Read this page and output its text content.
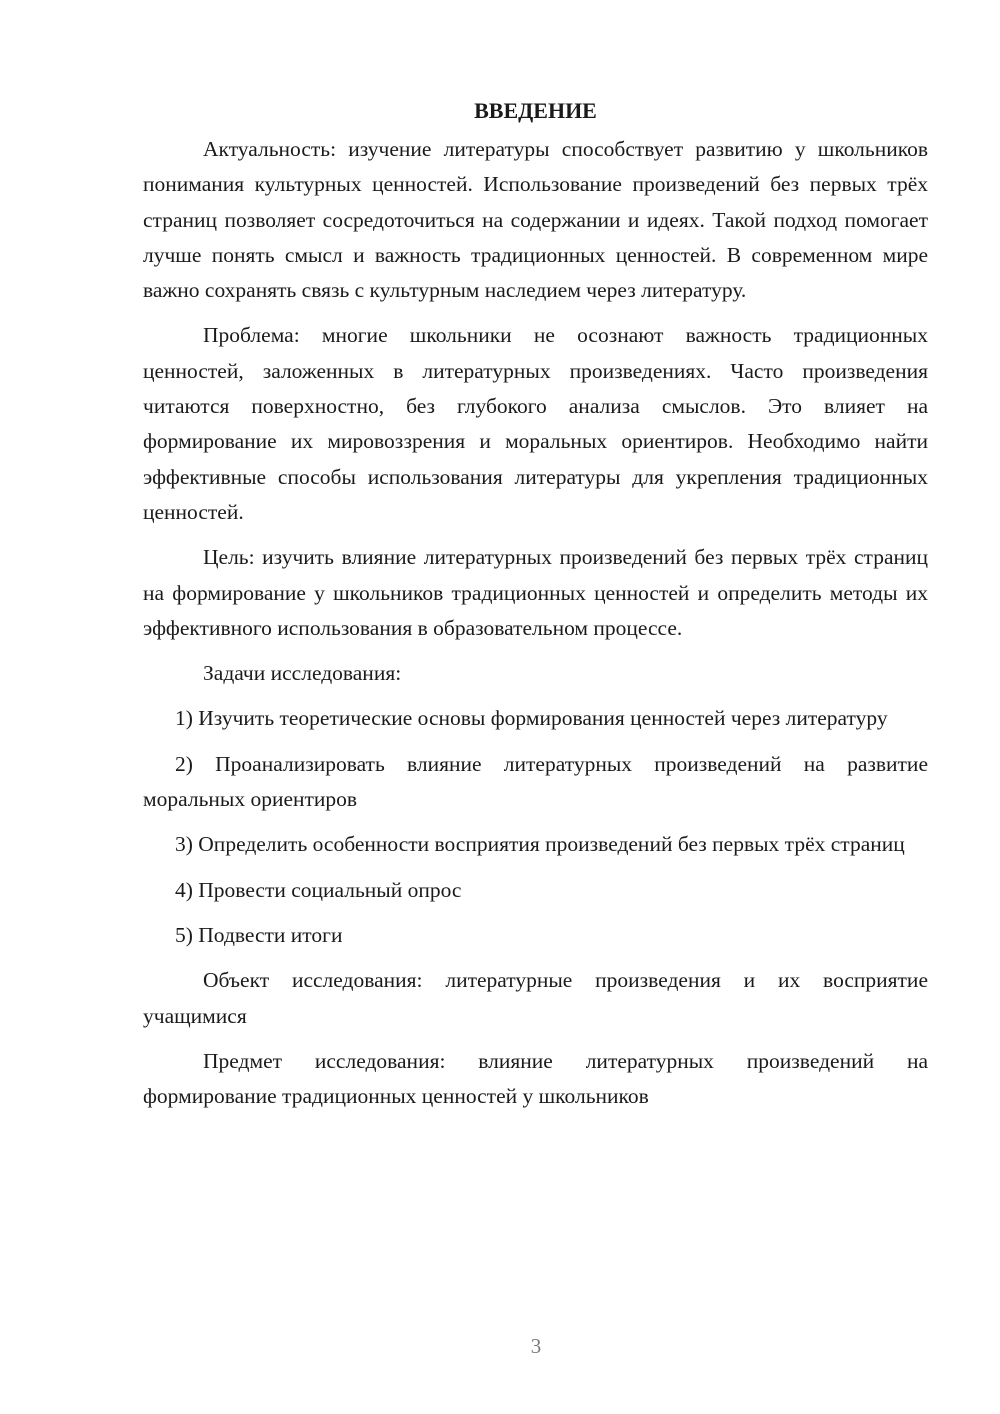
ВВЕДЕНИЕ

Актуальность: изучение литературы способствует развитию у школьников понимания культурных ценностей. Использование произведений без первых трёх страниц позволяет сосредоточиться на содержании и идеях. Такой подход помогает лучше понять смысл и важность традиционных ценностей. В современном мире важно сохранять связь с культурным наследием через литературу.

Проблема: многие школьники не осознают важность традиционных ценностей, заложенных в литературных произведениях. Часто произведения читаются поверхностно, без глубокого анализа смыслов. Это влияет на формирование их мировоззрения и моральных ориентиров. Необходимо найти эффективные способы использования литературы для укрепления традиционных ценностей.

Цель: изучить влияние литературных произведений без первых трёх страниц на формирование у школьников традиционных ценностей и определить методы их эффективного использования в образовательном процессе.

Задачи исследования:

1) Изучить теоретические основы формирования ценностей через литературу

2) Проанализировать влияние литературных произведений на развитие моральных ориентиров

3) Определить особенности восприятия произведений без первых трёх страниц

4) Провести социальный опрос

5) Подвести итоги

Объект исследования: литературные произведения и их восприятие учащимися

Предмет исследования: влияние литературных произведений на формирование традиционных ценностей у школьников

3
